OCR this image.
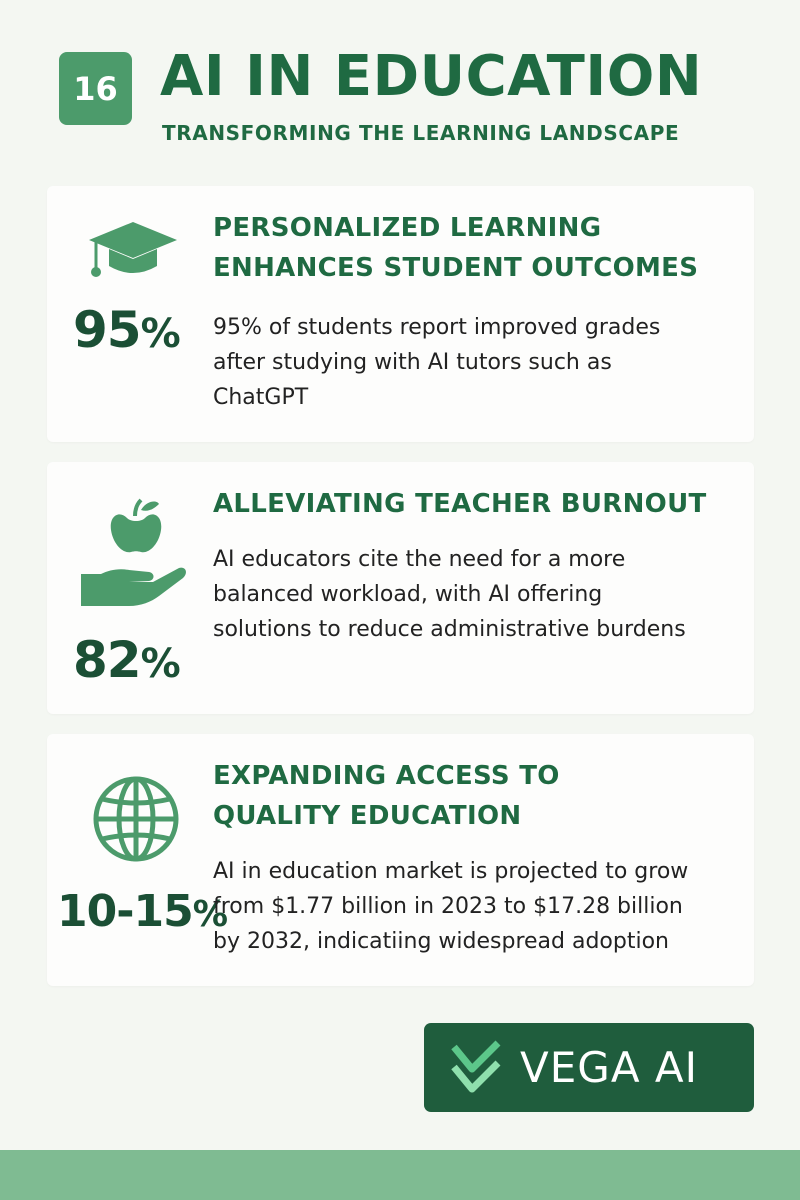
16 AI IN EDUCATION
TRANSFORMING THE LEARNING LANDSCAPE
95%
PERSONALIZED LEARNING
ENHANCES STUDENT OUTCOMES

95% of students report improved grades
after studying with AI tutors such as
ChatGPT

82%
ALLEVIATING TEACHER BURNOUT

AI educators cite the need for a more
balanced workload, with AI offering
solutions to reduce administrative burdens

10-15%
EXPANDING ACCESS TO
QUALITY EDUCATION

AI in education market is projected to grow
from $1.77 billion in 2023 to $17.28 billion
by 2032, indicatiing widespread adoption

VEGA AI
